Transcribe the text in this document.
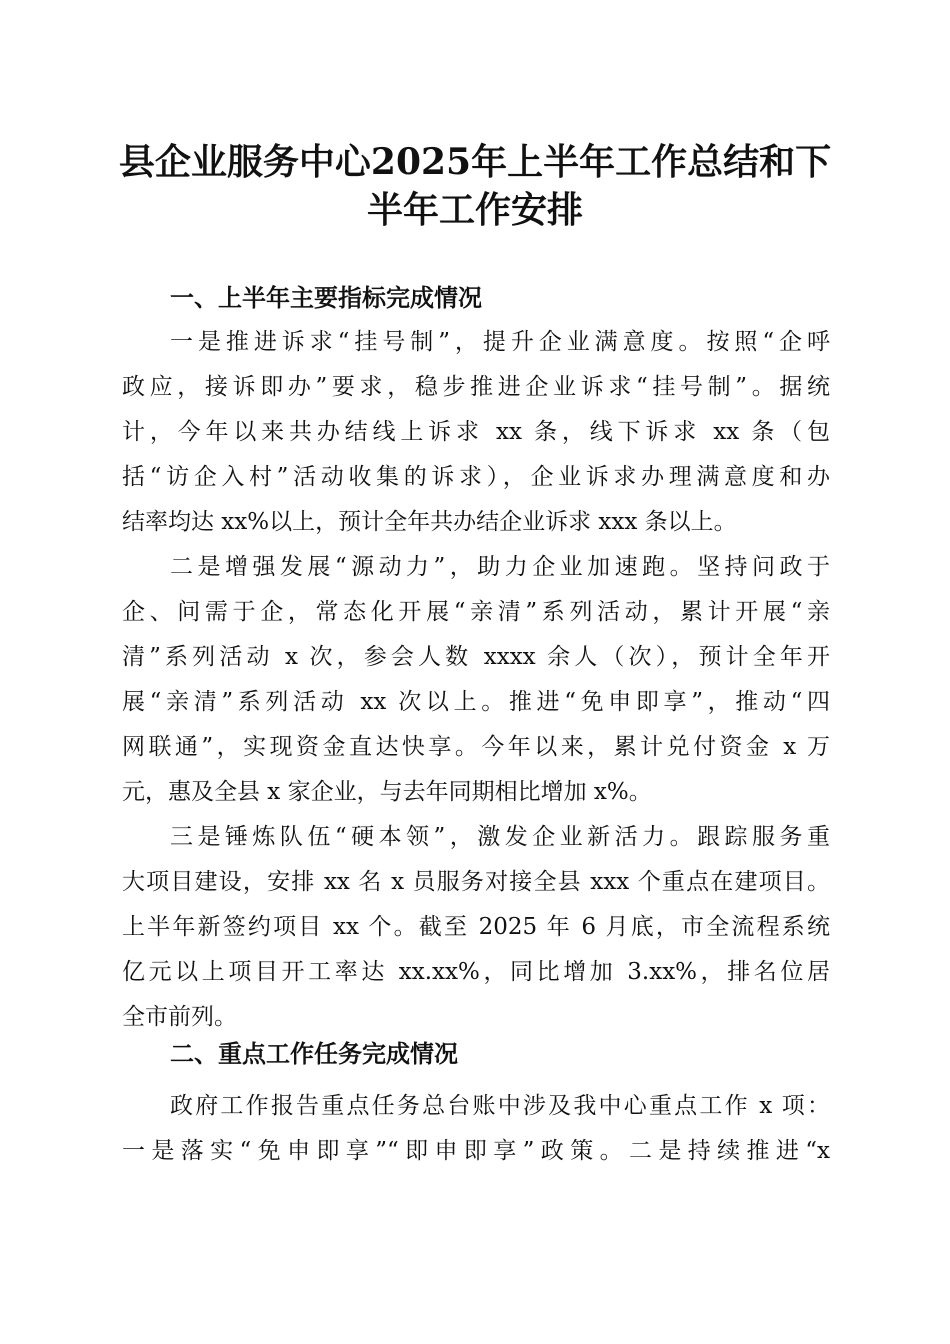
县企业服务中心2025年上半年工作总结和下
半年工作安排
一、上半年主要指标完成情况

一是推进诉求“挂号制”，提升企业满意度。按照“企呼

政应，接诉即办”要求，稳步推进企业诉求“挂号制”。据统

计，今年以来共办结线上诉求 xx 条，线下诉求 xx 条（包

括“访企入村”活动收集的诉求），企业诉求办理满意度和办

结率均达 xx%以上，预计全年共办结企业诉求 xxx 条以上。

二是增强发展“源动力”，助力企业加速跑。坚持问政于

企、问需于企，常态化开展“亲清”系列活动，累计开展“亲

清”系列活动 x 次，参会人数 xxxx 余人（次），预计全年开

展“亲清”系列活动 xx 次以上。推进“免申即享”，推动“四

网联通”，实现资金直达快享。今年以来，累计兑付资金 x 万

元，惠及全县 x 家企业，与去年同期相比增加 x%。

三是锤炼队伍“硬本领”，激发企业新活力。跟踪服务重

大项目建设，安排 xx 名 x 员服务对接全县 xxx 个重点在建项目。

上半年新签约项目 xx 个。截至 2025 年 6 月底，市全流程系统

亿元以上项目开工率达 xx.xx%，同比增加 3.xx%，排名位居

全市前列。

二、重点工作任务完成情况

政府工作报告重点任务总台账中涉及我中心重点工作 x 项：

一是落实“免申即享”“即申即享”政策。二是持续推进“x
